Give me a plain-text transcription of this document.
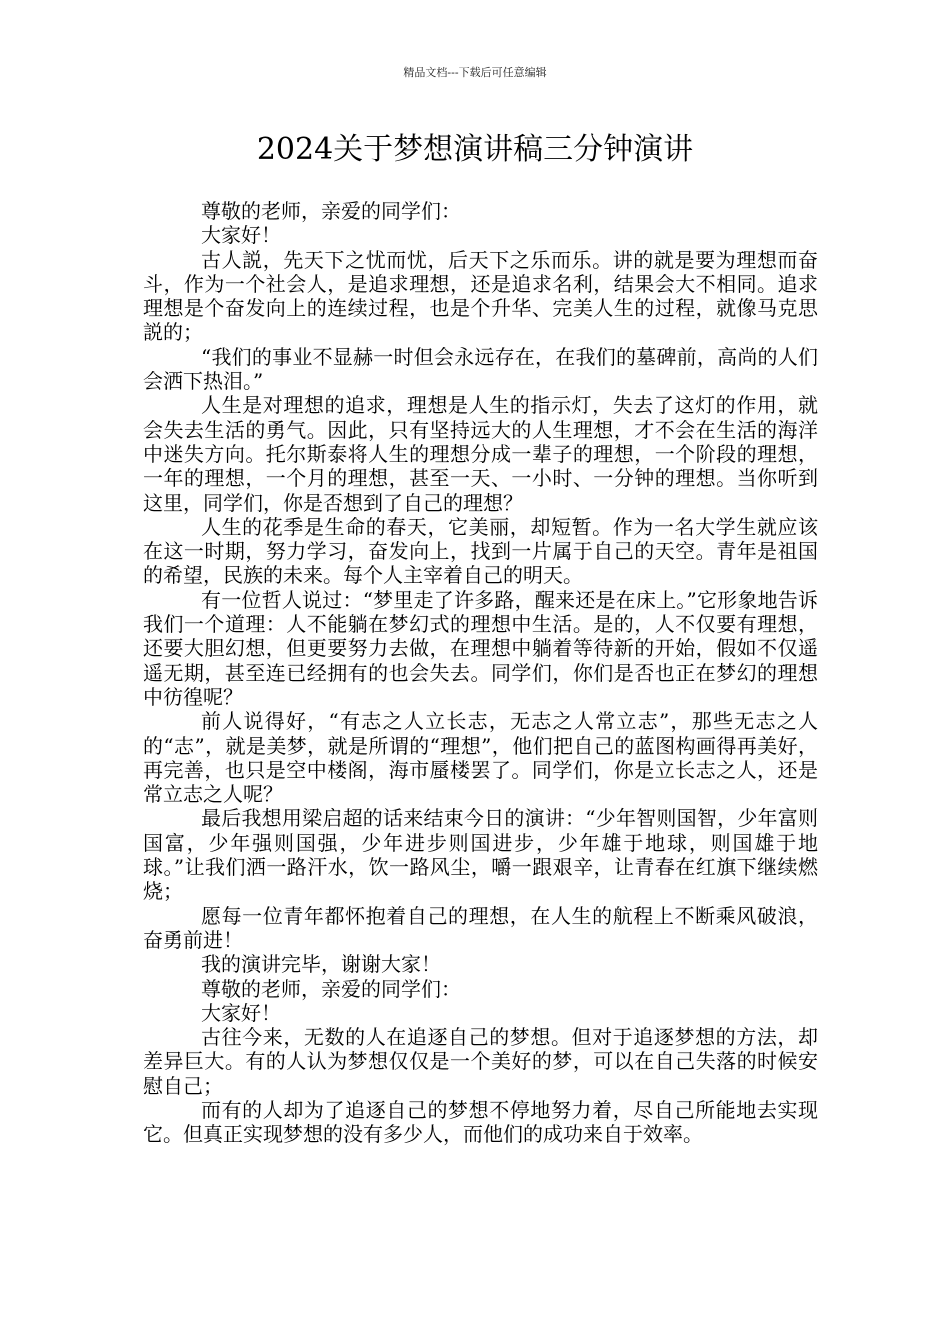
精品文档---下载后可任意编辑
2024关于梦想演讲稿三分钟演讲

尊敬的老师，亲爱的同学们：

大家好！

古人説，先天下之忧而忧，后天下之乐而乐。讲的就是要为理想而奋斗，作为一个社会人，是追求理想，还是追求名利，结果会大不相同。追求理想是个奋发向上的连续过程，也是个升华、完美人生的过程，就像马克思説的；

“我们的事业不显赫一时但会永远存在，在我们的墓碑前，高尚的人们会洒下热泪。”

人生是对理想的追求，理想是人生的指示灯，失去了这灯的作用，就会失去生活的勇气。因此，只有坚持远大的人生理想，才不会在生活的海洋中迷失方向。托尔斯泰将人生的理想分成一辈子的理想，一个阶段的理想，一年的理想，一个月的理想，甚至一天、一小时、一分钟的理想。当你听到这里，同学们，你是否想到了自己的理想？

人生的花季是生命的春天，它美丽，却短暂。作为一名大学生就应该在这一时期，努力学习，奋发向上，找到一片属于自己的天空。青年是祖国的希望，民族的未来。每个人主宰着自己的明天。

有一位哲人说过：“梦里走了许多路，醒来还是在床上。”它形象地告诉我们一个道理：人不能躺在梦幻式的理想中生活。是的，人不仅要有理想，还要大胆幻想，但更要努力去做，在理想中躺着等待新的开始，假如不仅遥遥无期，甚至连已经拥有的也会失去。同学们，你们是否也正在梦幻的理想中彷徨呢？

前人说得好，“有志之人立长志，无志之人常立志”，那些无志之人的“志”，就是美梦，就是所谓的“理想”，他们把自己的蓝图构画得再美好，再完善，也只是空中楼阁，海市蜃楼罢了。同学们，你是立长志之人，还是常立志之人呢？

最后我想用梁启超的话来结束今日的演讲：“少年智则国智，少年富则国富，少年强则国强，少年进步则国进步，少年雄于地球，则国雄于地球。”让我们洒一路汗水，饮一路风尘，嚼一跟艰辛，让青春在红旗下继续燃烧；

愿每一位青年都怀抱着自己的理想，在人生的航程上不断乘风破浪，奋勇前进！

我的演讲完毕，谢谢大家！

尊敬的老师，亲爱的同学们：

大家好！

古往今来，无数的人在追逐自己的梦想。但对于追逐梦想的方法，却差异巨大。有的人认为梦想仅仅是一个美好的梦，可以在自己失落的时候安慰自己；

而有的人却为了追逐自己的梦想不停地努力着，尽自己所能地去实现它。但真正实现梦想的没有多少人，而他们的成功来自于效率。
